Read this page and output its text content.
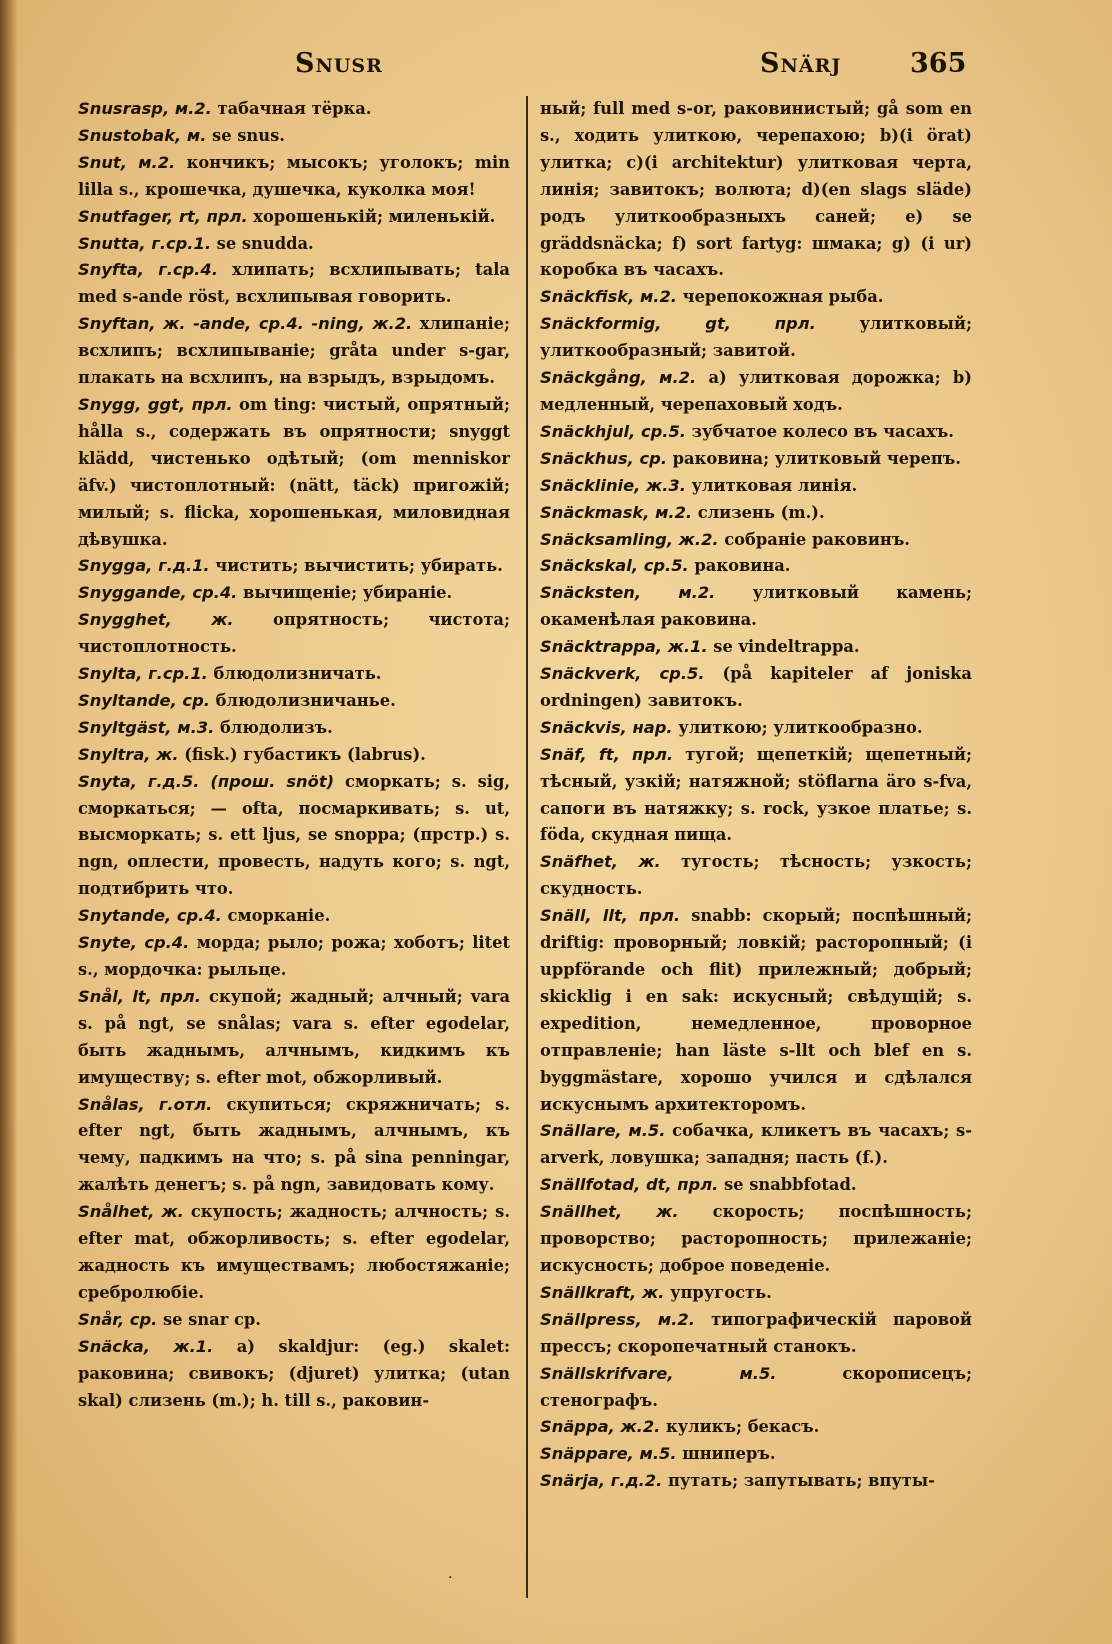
Snusr	Snärj	365

Snusrasp, м.2. табачная тёрка.

Snustobak, м. se snus.

Snut, м.2. кончикъ; мысокъ; уголокъ; min lilla s., крошечка, душечка, куколка моя!

Snutfager, rt, прл. хорошенькій; миленькій.

Snutta, г.ср.1. se snudda.

Snyfta, г.ср.4. хлипать; всхлипывать; tala med s-ande röst, всхлипывая говорить.

Snyftan, ж. -ande, ср.4. -ning, ж.2. хлипаніе; всхлипъ; всхлипываніе; gråta under s-gar, плакать на всхлипъ, на взрыдъ, взрыдомъ.

Snygg, ggt, прл. om ting: чистый, опрятный; hålla s., содержать въ опрятности; snyggt klädd, чистенько одѣтый; (om menniskor äfv.) чистоплотный: (nätt, täck) пригожій; милый; s. flicka, хорошенькая, миловидная дѣвушка.

Snygga, г.д.1. чистить; вычистить; убирать.

Snyggande, ср.4. вычищеніе; убираніе.

Snygghet, ж. опрятность; чистота; чистоплотность.

Snylta, г.ср.1. блюдолизничать.

Snyltande, ср. блюдолизничанье.

Snyltgäst, м.3. блюдолизъ.

Snyltra, ж. (fisk.) губастикъ (labrus).

Snyta, г.д.5. (прош. snöt) сморкать; s. sig, сморкаться; — ofta, посмаркивать; s. ut, высморкать; s. ett ljus, se snoppa; (прстр.) s. ngn, оплести, провесть, надуть кого; s. ngt, подтибрить что.

Snytande, ср.4. сморканіе.

Snyte, ср.4. морда; рыло; рожа; хоботъ; litet s., мордочка: рыльце.

Snål, lt, прл. скупой; жадный; алчный; vara s. på ngt, se snålas; vara s. efter egodelar, быть жаднымъ, алчнымъ, кидкимъ къ имуществу; s. efter mot, обжорливый.

Snålas, г.отл. скупиться; скряжничать; s. efter ngt, быть жаднымъ, алчнымъ, къ чему, падкимъ на что; s. på sina penningar, жалѣть денегъ; s. på ngn, завидовать кому.

Snålhet, ж. скупость; жадность; алчность; s. efter mat, обжорливость; s. efter egodelar, жадность къ имуществамъ; любостяжаніе; сребролюбіе.

Snår, ср. se snar ср.

Snäcka, ж.1. a) skaldjur: (eg.) skalet: раковина; свивокъ; (djuret) улитка; (utan skal) слизень (m.); h. till s., раковин-

ный; full med s-or, раковинистый; gå som en s., ходить улиткою, черепахою; b)(i örat) улитка; c)(i architektur) улитковая черта, линія; завитокъ; волюта; d)(en slags släde) родъ улиткообразныхъ саней; e) se gräddsnäcka; f) sort fartyg: шмака; g) (i ur) коробка въ часахъ.

Snäckfisk, м.2. черепокожная рыба.

Snäckformig, gt, прл. улитковый; улиткообразный; завитой.

Snäckgång, м.2. a) улитковая дорожка; b) медленный, черепаховый ходъ.

Snäckhjul, ср.5. зубчатое колесо въ часахъ.

Snäckhus, ср. раковина; улитковый черепъ.

Snäcklinie, ж.3. улитковая линія.

Snäckmask, м.2. слизень (m.).

Snäcksamling, ж.2. собраніе раковинъ.

Snäckskal, ср.5. раковина.

Snäcksten, м.2. улитковый камень; окаменѣлая раковина.

Snäcktrappa, ж.1. se vindeltrappa.

Snäckverk, ср.5. (på kapiteler af joniska ordningen) завитокъ.

Snäckvis, нар. улиткою; улиткообразно.

Snäf, ft, прл. тугой; щепеткій; щепетный; тѣсный, узкій; натяжной; stöflarna äro s-fva, сапоги въ натяжку; s. rock, узкое платье; s. föda, скудная пища.

Snäfhet, ж. тугость; тѣсность; узкость; скудность.

Snäll, llt, прл. snabb: скорый; поспѣшный; driftig: проворный; ловкій; расторопный; (i uppförande och flit) прилежный; добрый; skicklig i en sak: искусный; свѣдущій; s. expedition, немедленное, проворное отправленіе; han läste s-llt och blef en s. byggmästare, хорошо учился и сдѣлался искуснымъ архитекторомъ.

Snällare, м.5. собачка, кликетъ въ часахъ; s-arverk, ловушка; западня; пасть (f.).

Snällfotad, dt, прл. se snabbfotad.

Snällhet, ж. скорость; поспѣшность; проворство; расторопность; прилежаніе; искусность; доброе поведеніе.

Snällkraft, ж. упругость.

Snällpress, м.2. типографическій паровой прессъ; скоропечатный станокъ.

Snällskrifvare, м.5. скорописецъ; стенографъ.

Snäppa, ж.2. куликъ; бекасъ.

Snäppare, м.5. шниперъ.

Snärja, г.д.2. путать; запутывать; впуты-

·
